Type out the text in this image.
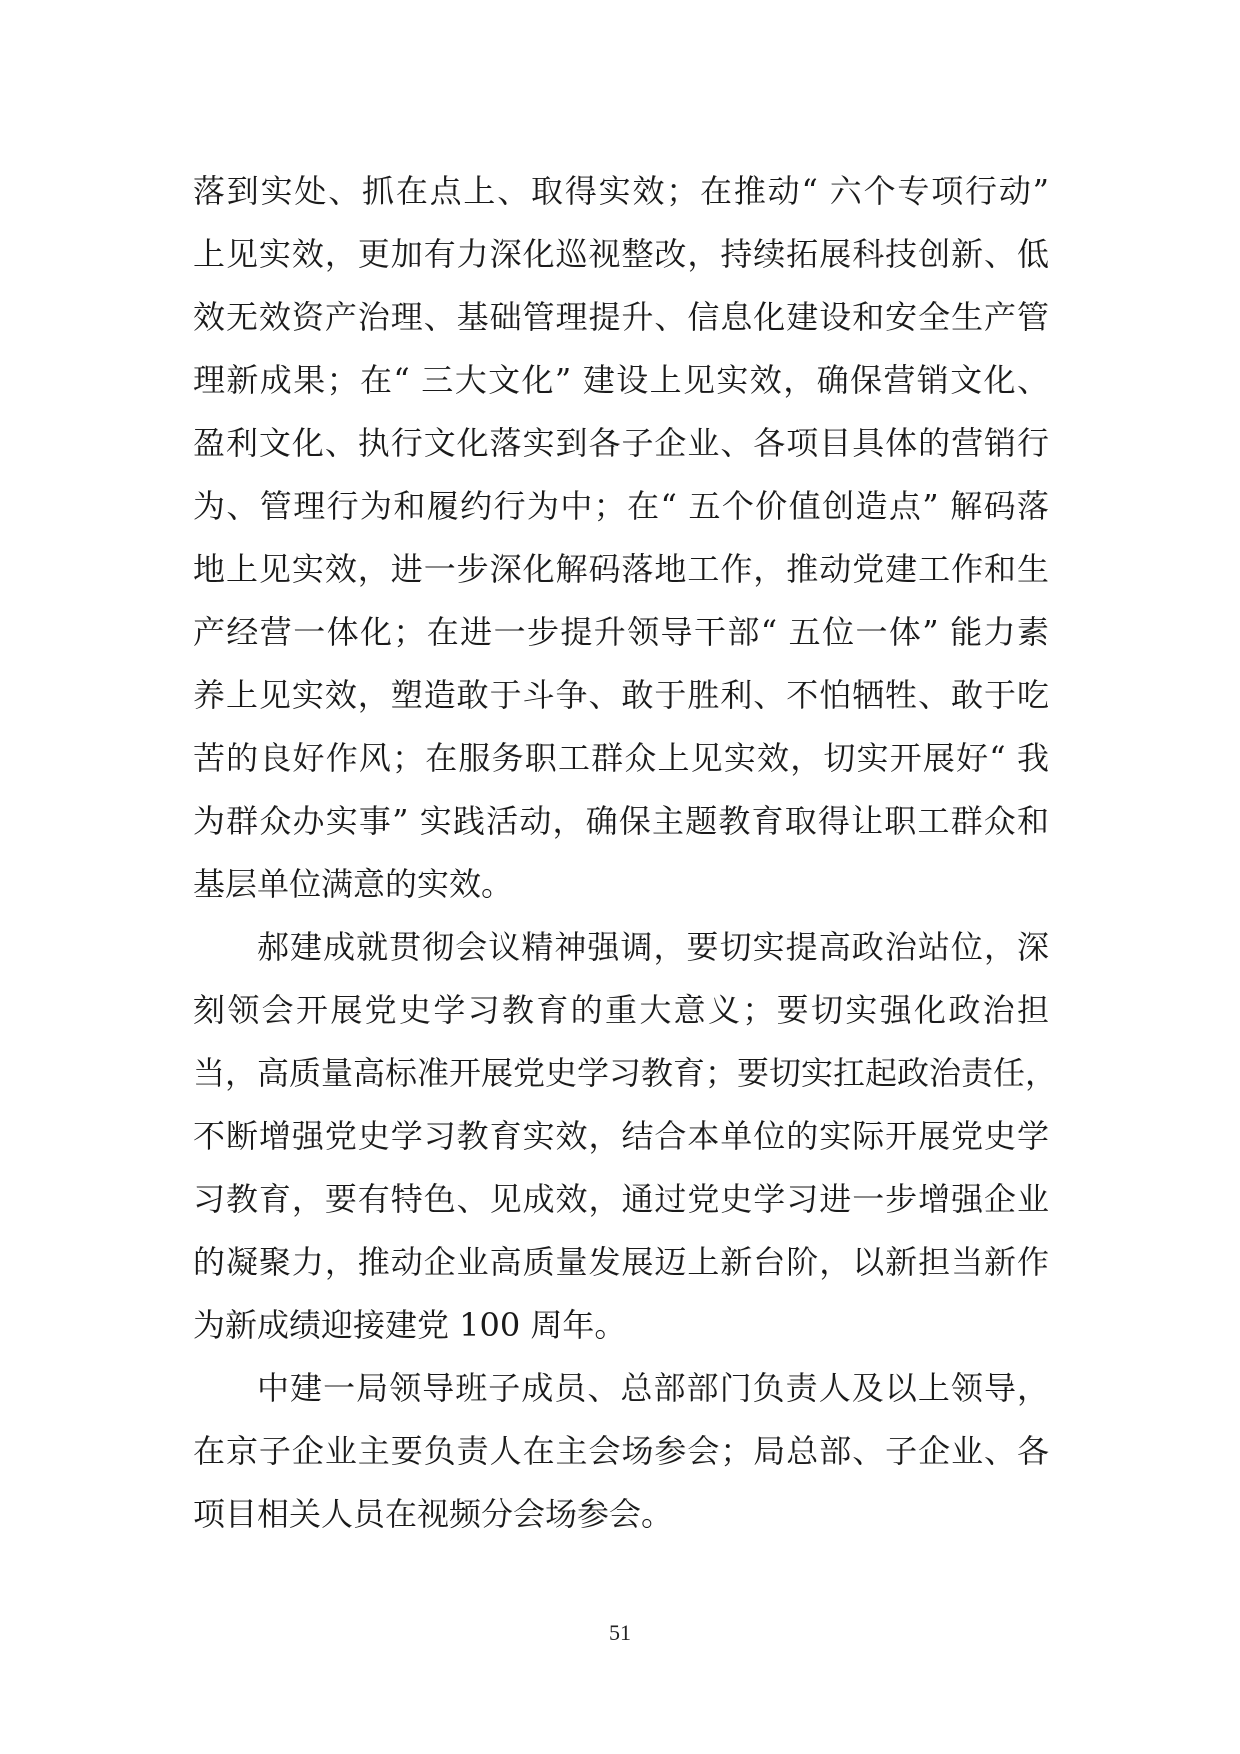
落到实处、抓在点上、取得实效；在推动“ 六个专项行动”
上见实效，更加有力深化巡视整改，持续拓展科技创新、低
效无效资产治理、基础管理提升、信息化建设和安全生产管
理新成果；在“ 三大文化” 建设上见实效，确保营销文化、
盈利文化、执行文化落实到各子企业、各项目具体的营销行
为、管理行为和履约行为中；在“ 五个价值创造点” 解码落
地上见实效，进一步深化解码落地工作，推动党建工作和生
产经营一体化；在进一步提升领导干部“ 五位一体” 能力素
养上见实效，塑造敢于斗争、敢于胜利、不怕牺牲、敢于吃
苦的良好作风；在服务职工群众上见实效，切实开展好“ 我
为群众办实事” 实践活动，确保主题教育取得让职工群众和
基层单位满意的实效。
郝建成就贯彻会议精神强调，要切实提高政治站位，深
刻领会开展党史学习教育的重大意义；要切实强化政治担
当，高质量高标准开展党史学习教育；要切实扛起政治责任，
不断增强党史学习教育实效，结合本单位的实际开展党史学
习教育，要有特色、见成效，通过党史学习进一步增强企业
的凝聚力，推动企业高质量发展迈上新台阶，以新担当新作
为新成绩迎接建党 100 周年。
中建一局领导班子成员、总部部门负责人及以上领导，
在京子企业主要负责人在主会场参会；局总部、子企业、各
项目相关人员在视频分会场参会。
51
